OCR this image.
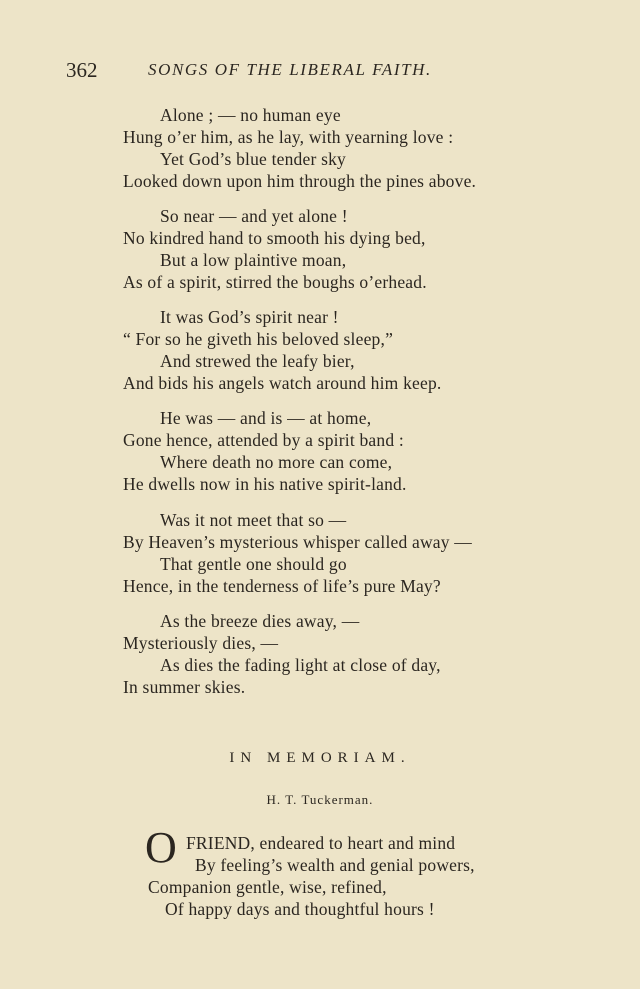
362	SONGS OF THE LIBERAL FAITH.
Alone ; — no human eye
Hung o’er him, as he lay, with yearning love :
Yet God’s blue tender sky
Looked down upon him through the pines above.
So near — and yet alone !
No kindred hand to smooth his dying bed,
But a low plaintive moan,
As of a spirit, stirred the boughs o’erhead.
It was God’s spirit near !
“ For so he giveth his beloved sleep,”
And strewed the leafy bier,
And bids his angels watch around him keep.
He was — and is — at home,
Gone hence, attended by a spirit band :
Where death no more can come,
He dwells now in his native spirit-land.
Was it not meet that so —
By Heaven’s mysterious whisper called away —
That gentle one should go
Hence, in the tenderness of life’s pure May?
As the breeze dies away, —
Mysteriously dies, —
As dies the fading light at close of day,
In summer skies.
IN MEMORIAM.
H. T. Tuckerman.
O FRIEND, endeared to heart and mind
By feeling’s wealth and genial powers,
Companion gentle, wise, refined,
Of happy days and thoughtful hours !
